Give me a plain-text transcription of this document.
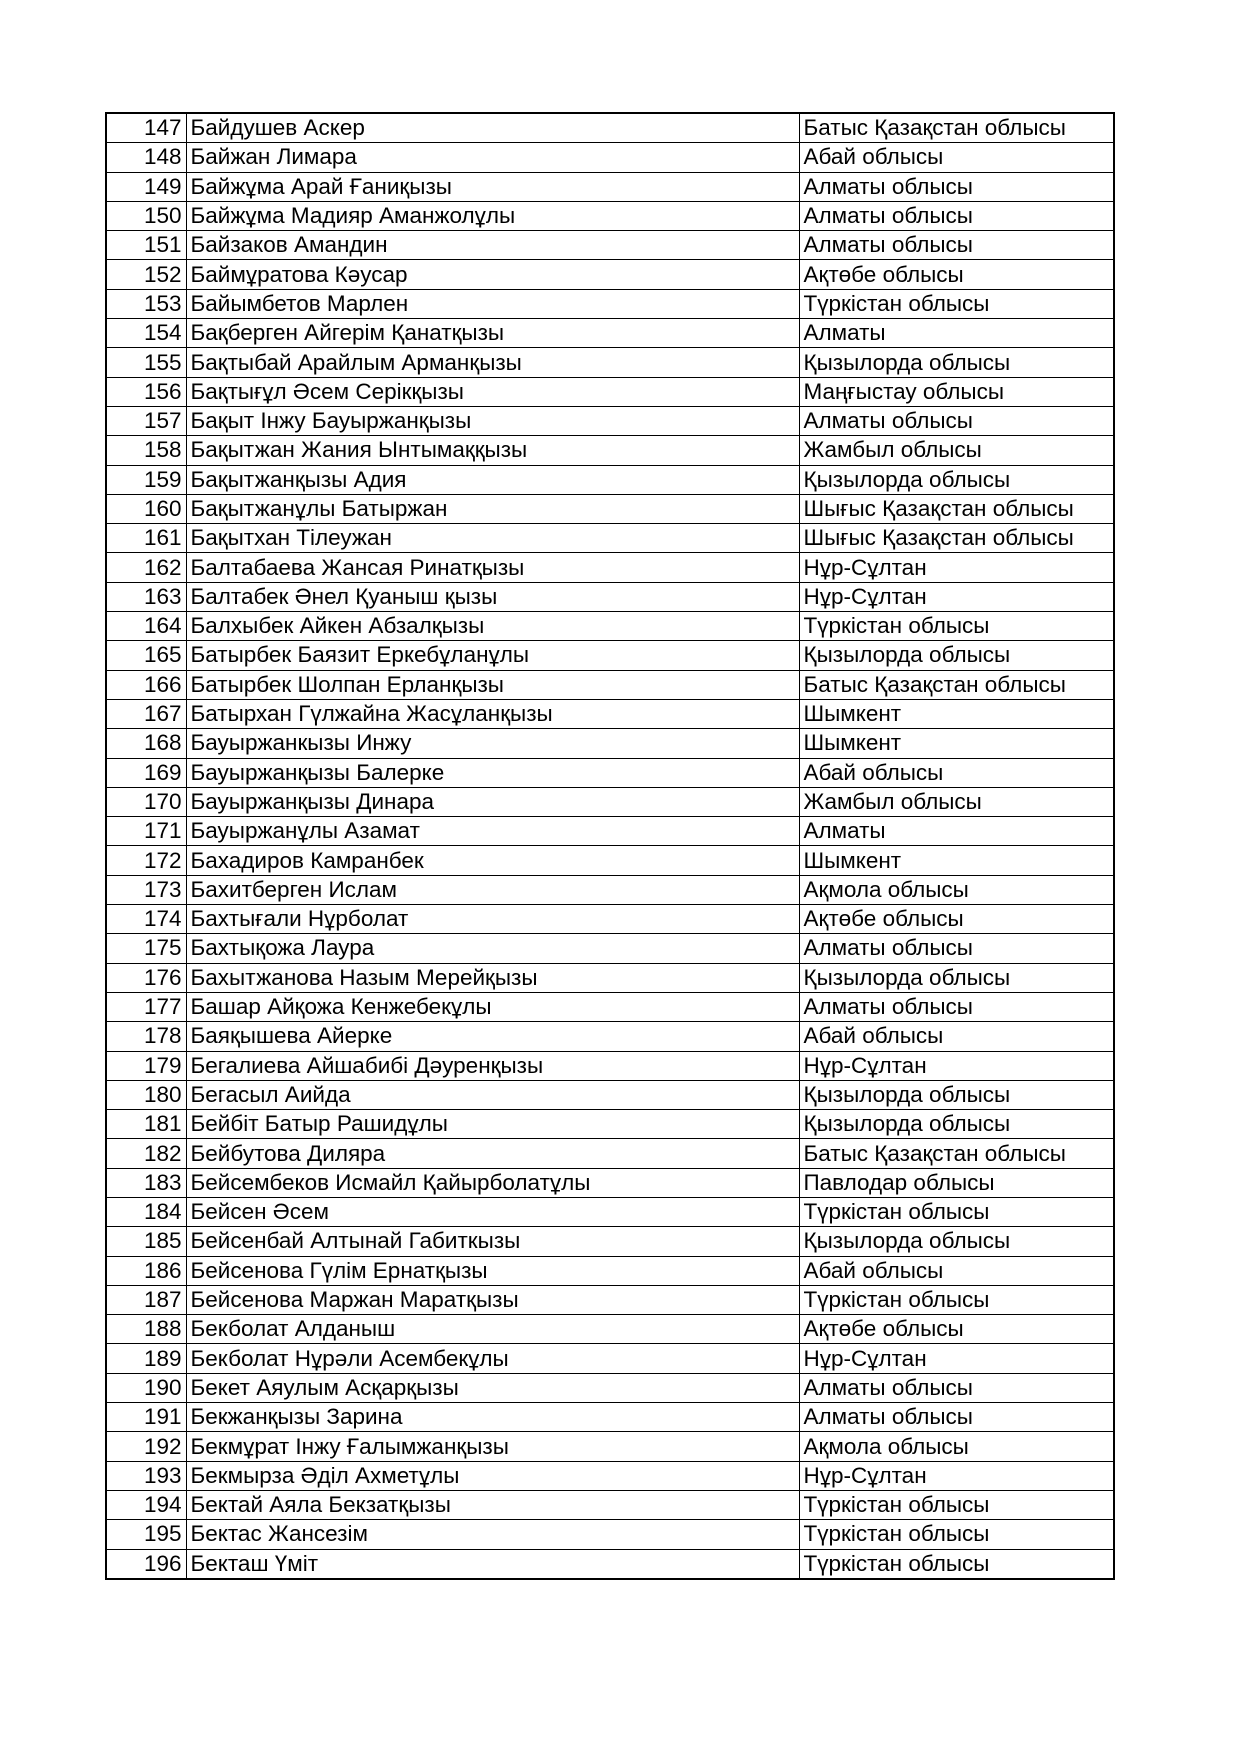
147	Байдушев Аскер	Батыс Қазақстан облысы
148	Байжан Лимара	Абай облысы
149	Байжұма Арай Ғаниқызы	Алматы облысы
150	Байжұма Мадияр Аманжолұлы	Алматы облысы
151	Байзаков Амандин	Алматы облысы
152	Баймұратова Кәусар	Ақтөбе облысы
153	Байымбетов Марлен	Түркістан облысы
154	Бақберген Айгерім Қанатқызы	Алматы
155	Бақтыбай Арайлым Арманқызы	Қызылорда облысы
156	Бақтығұл Әсем Серікқызы	Маңғыстау облысы
157	Бақыт Інжу Бауыржанқызы	Алматы облысы
158	Бақытжан Жания Ынтымаққызы	Жамбыл облысы
159	Бақытжанқызы Адия	Қызылорда облысы
160	Бақытжанұлы Батыржан	Шығыс Қазақстан облысы
161	Бақытхан Тілеужан	Шығыс Қазақстан облысы
162	Балтабаева Жансая Ринатқызы	Нұр-Сұлтан
163	Балтабек Әнел Қуаныш қызы	Нұр-Сұлтан
164	Балхыбек Айкен Абзалқызы	Түркістан облысы
165	Батырбек Баязит Еркебұланұлы	Қызылорда облысы
166	Батырбек Шолпан Ерланқызы	Батыс Қазақстан облысы
167	Батырхан Гүлжайна Жасұланқызы	Шымкент
168	Бауыржанкызы Инжу	Шымкент
169	Бауыржанқызы Балерке	Абай облысы
170	Бауыржанқызы Динара	Жамбыл облысы
171	Бауыржанұлы Азамат	Алматы
172	Бахадиров Камранбек	Шымкент
173	Бахитберген Ислам	Ақмола облысы
174	Бахтығали Нұрболат	Ақтөбе облысы
175	Бахтықожа Лаура	Алматы облысы
176	Бахытжанова Назым Мерейқызы	Қызылорда облысы
177	Башар Айқожа Кенжебекұлы	Алматы облысы
178	Баяқышева Айерке	Абай облысы
179	Бегалиева Айшабибі Дәуренқызы	Нұр-Сұлтан
180	Бегасыл Аийда	Қызылорда облысы
181	Бейбіт Батыр Рашидұлы	Қызылорда облысы
182	Бейбутова Диляра	Батыс Қазақстан облысы
183	Бейсембеков Исмайл Қайырболатұлы	Павлодар облысы
184	Бейсен Әсем	Түркістан облысы
185	Бейсенбай Алтынай Габиткызы	Қызылорда облысы
186	Бейсенова Гүлім Ернатқызы	Абай облысы
187	Бейсенова Маржан Маратқызы	Түркістан облысы
188	Бекболат Алданыш	Ақтөбе облысы
189	Бекболат Нұрәли Асембекұлы	Нұр-Сұлтан
190	Бекет Аяулым Асқарқызы	Алматы облысы
191	Бекжанқызы Зарина	Алматы облысы
192	Бекмұрат Інжу Ғалымжанқызы	Ақмола облысы
193	Бекмырза Әділ Ахметұлы	Нұр-Сұлтан
194	Бектай Аяла Бекзатқызы	Түркістан облысы
195	Бектас Жансезім	Түркістан облысы
196	Бекташ Үміт	Түркістан облысы
